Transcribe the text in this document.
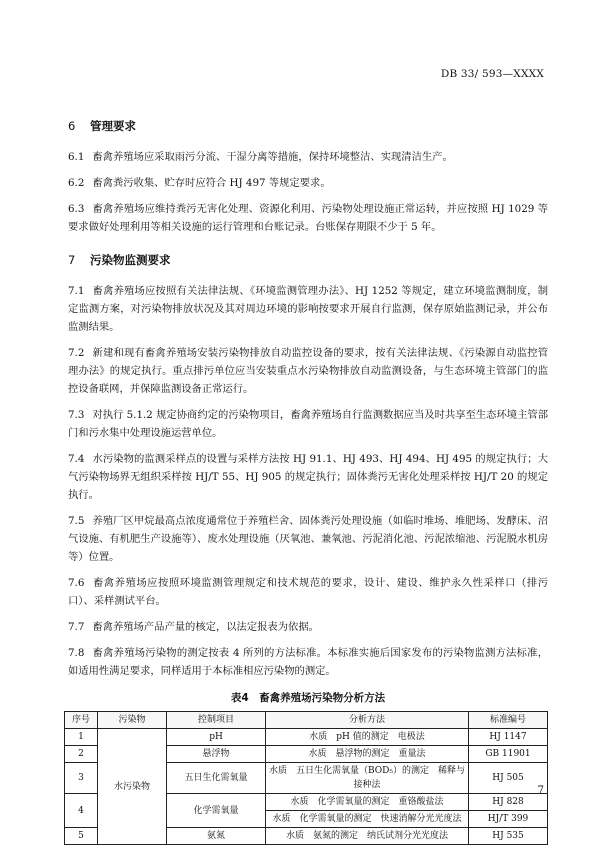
DB 33/ 593—XXXX
6 管理要求

6.1 畜禽养殖场应采取雨污分流、干湿分离等措施，保持环境整洁、实现清洁生产。

6.2 畜禽粪污收集、贮存时应符合 HJ 497 等规定要求。

6.3 畜禽养殖场应维持粪污无害化处理、资源化利用、污染物处理设施正常运转，并应按照 HJ 1029 等要求做好处理利用等相关设施的运行管理和台账记录。台账保存期限不少于 5 年。

7 污染物监测要求

7.1 畜禽养殖场应按照有关法律法规、《环境监测管理办法》、HJ 1252 等规定，建立环境监测制度，制定监测方案，对污染物排放状况及其对周边环境的影响按要求开展自行监测，保存原始监测记录，并公布监测结果。

7.2 新建和现有畜禽养殖场安装污染物排放自动监控设备的要求，按有关法律法规、《污染源自动监控管理办法》的规定执行。重点排污单位应当安装重点水污染物排放自动监测设备，与生态环境主管部门的监控设备联网，并保障监测设备正常运行。

7.3 对执行 5.1.2 规定协商约定的污染物项目，畜禽养殖场自行监测数据应当及时共享至生态环境主管部门和污水集中处理设施运营单位。

7.4 水污染物的监测采样点的设置与采样方法按 HJ 91.1、HJ 493、HJ 494、HJ 495 的规定执行；大气污染物场界无组织采样按 HJ/T 55、HJ 905 的规定执行；固体粪污无害化处理采样按 HJ/T 20 的规定执行。

7.5 养殖厂区甲烷最高点浓度通常位于养殖栏舍、固体粪污处理设施（如临时堆场、堆肥场、发酵床、沼气设施、有机肥生产设施等）、废水处理设施（厌氧池、兼氧池、污泥消化池、污泥浓缩池、污泥脱水机房等）位置。

7.6 畜禽养殖场应按照环境监测管理规定和技术规范的要求，设计、建设、维护永久性采样口（排污口）、采样测试平台。

7.7 畜禽养殖场产品产量的核定，以法定报表为依据。

7.8 畜禽养殖场污染物的测定按表 4 所列的方法标准。本标准实施后国家发布的污染物监测方法标准，如适用性满足要求，同样适用于本标准相应污染物的测定。

表4　畜禽养殖场污染物分析方法
序号	污染物	控制项目	分析方法	标准编号
1	水污染物	pH	水质　pH 值的测定　电极法	HJ 1147
2		悬浮物	水质　悬浮物的测定　重量法	GB 11901
3		五日生化需氧量	水质　五日生化需氧量（BOD₅）的测定　稀释与接种法	HJ 505
4		化学需氧量	水质　化学需氧量的测定　重铬酸盐法	HJ 828
			水质　化学需氧量的测定　快速消解分光光度法	HJ/T 399
5		氨氮	水质　氨氮的测定　纳氏试剂分光光度法	HJ 535
7
